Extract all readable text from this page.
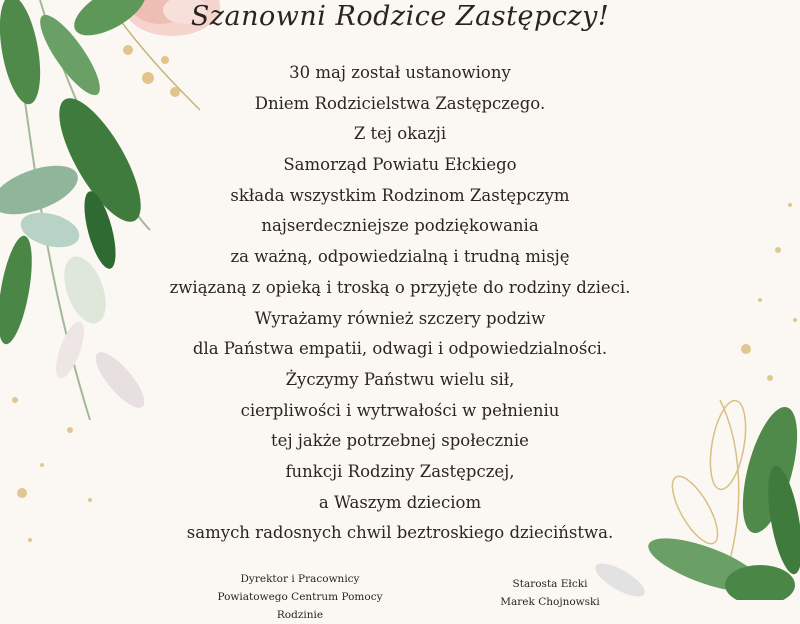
Szanowni Rodzice Zastępczy!
30 maj został ustanowiony
Dniem Rodzicielstwa Zastępczego.
Z tej okazji
Samorząd Powiatu Ełckiego
składa wszystkim Rodzinom Zastępczym
najserdeczniejsze podziękowania
za ważną, odpowiedzialną i trudną misję
związaną z opieką i troską o przyjęte do rodziny dzieci.
Wyrażamy również szczery podziw
dla Państwa empatii, odwagi i odpowiedzialności.
Życzymy Państwu wielu sił,
cierpliwości i wytrwałości w pełnieniu
tej jakże potrzebnej społecznie
funkcji Rodziny Zastępczej,
a Waszym dzieciom
samych radosnych chwil beztroskiego dzieciństwa.
Dyrektor i Pracownicy
Powiatowego Centrum Pomocy Rodzinie
Starosta Ełcki
Marek Chojnowski
